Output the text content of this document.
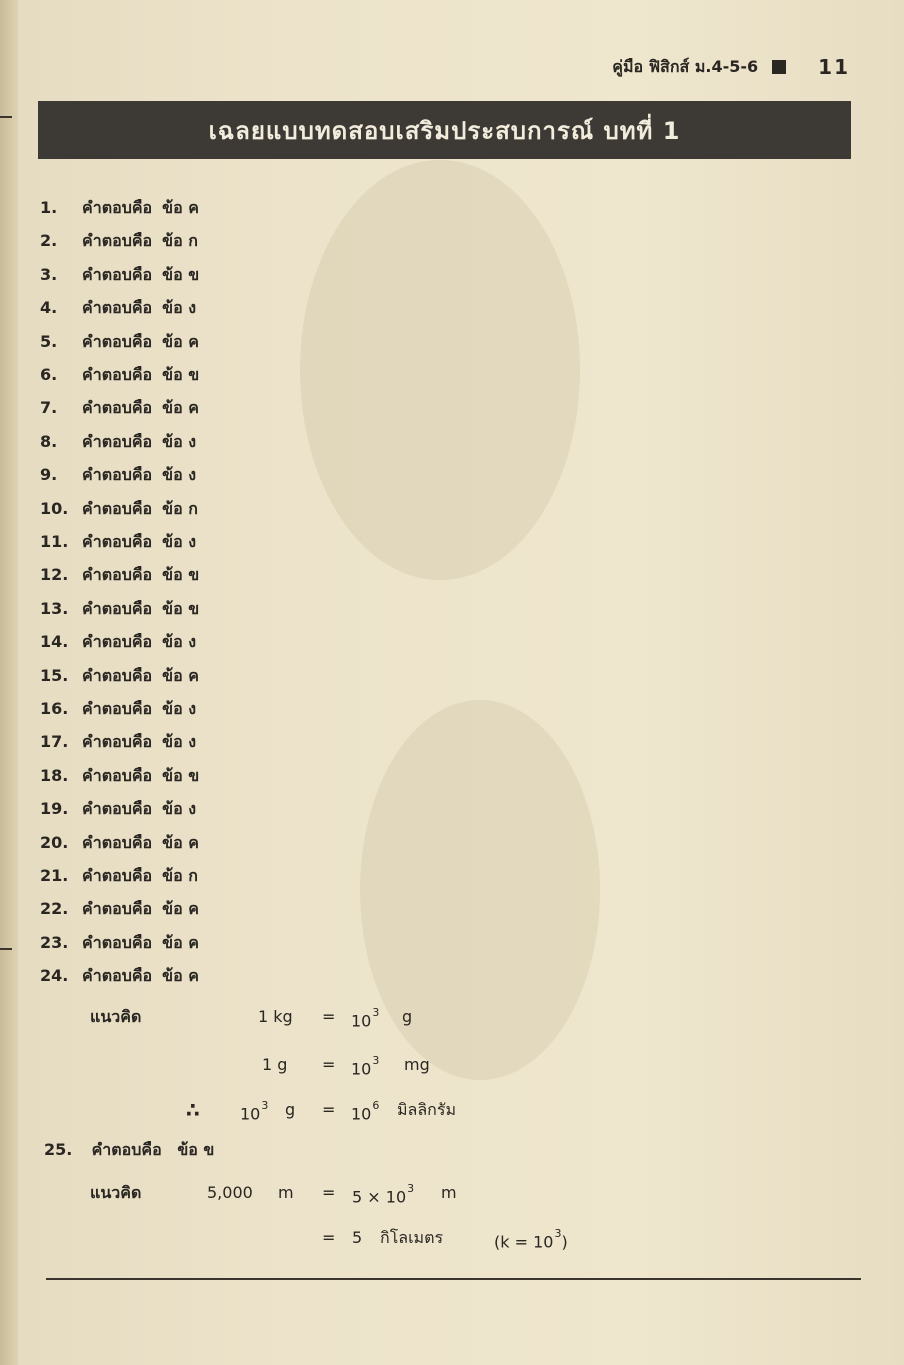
คู่มือ ฟิสิกส์ ม.4-5-6	11
เฉลยแบบทดสอบเสริมประสบการณ์ บทที่ 1
1. คำตอบคือ ข้อ ค
2. คำตอบคือ ข้อ ก
3. คำตอบคือ ข้อ ข
4. คำตอบคือ ข้อ ง
5. คำตอบคือ ข้อ ค
6. คำตอบคือ ข้อ ข
7. คำตอบคือ ข้อ ค
8. คำตอบคือ ข้อ ง
9. คำตอบคือ ข้อ ง
10. คำตอบคือ ข้อ ก
11. คำตอบคือ ข้อ ง
12. คำตอบคือ ข้อ ข
13. คำตอบคือ ข้อ ข
14. คำตอบคือ ข้อ ง
15. คำตอบคือ ข้อ ค
16. คำตอบคือ ข้อ ง
17. คำตอบคือ ข้อ ง
18. คำตอบคือ ข้อ ข
19. คำตอบคือ ข้อ ง
20. คำตอบคือ ข้อ ค
21. คำตอบคือ ข้อ ก
22. คำตอบคือ ข้อ ค
23. คำตอบคือ ข้อ ค
24. คำตอบคือ ข้อ ค
แนวคิด	1 kg = $10^3$ g
1 $g = 10^3$ mg
∴	$10^3$ $g = 10^6$ มิลลิกรัม
25. คำตอบคือ ข้อ ข
แนวคิด	5,000 $m = 5 \times 10^3$ m
= 5 กิโลเมตร	$(k = 10^3)$
